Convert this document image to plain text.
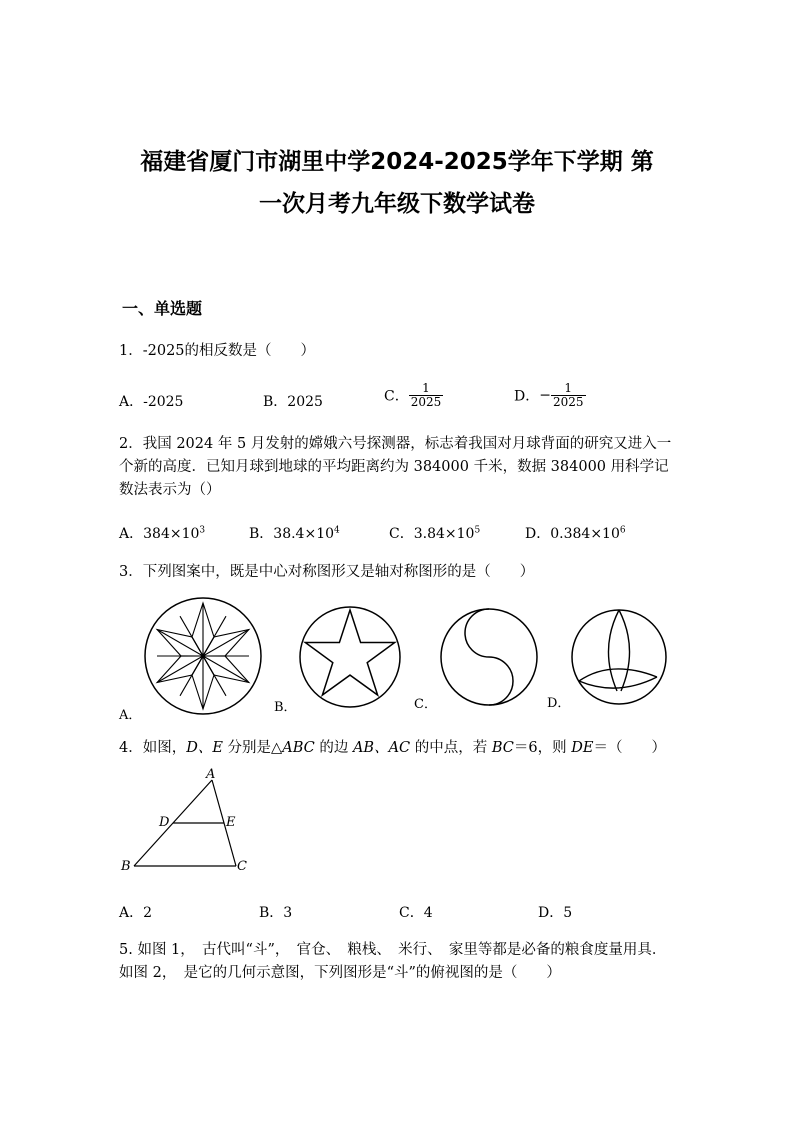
福建省厦门市湖里中学2024-2025学年下学期 第
一次月考九年级下数学试卷
一、单选题
1．-2025的相反数是（　　）
A．-2025	B．2025	C． $\frac{1}{2025}$	D．− $\frac{1}{2025}$
2．我国 2024 年 5 月发射的嫦娥六号探测器，标志着我国对月球背面的研究又进入一个新的高度．已知月球到地球的平均距离约为 384000 千米，数据 384000 用科学记数法表示为（）
A．$384\times 10^3$	B．$38.4\times 10^4$	C．$3.84\times 10^5$	D．$0.384\times 10^6$
3．下列图案中，既是中心对称图形又是轴对称图形的是（　　）
A．
B．	C．	D．
4．如图，D、E 分别是△ABC 的边 AB、AC 的中点，若 BC＝6，则 DE＝（　　）
A
D	E
B	C
A．2	B．3	C．4	D．5
5. 如图 1，　古代叫“斗”，　官仓、　粮栈、　米行、　家里等都是必备的粮食度量用具．　如图 2，　是它的几何示意图，下列图形是“斗”的俯视图的是（　　）
